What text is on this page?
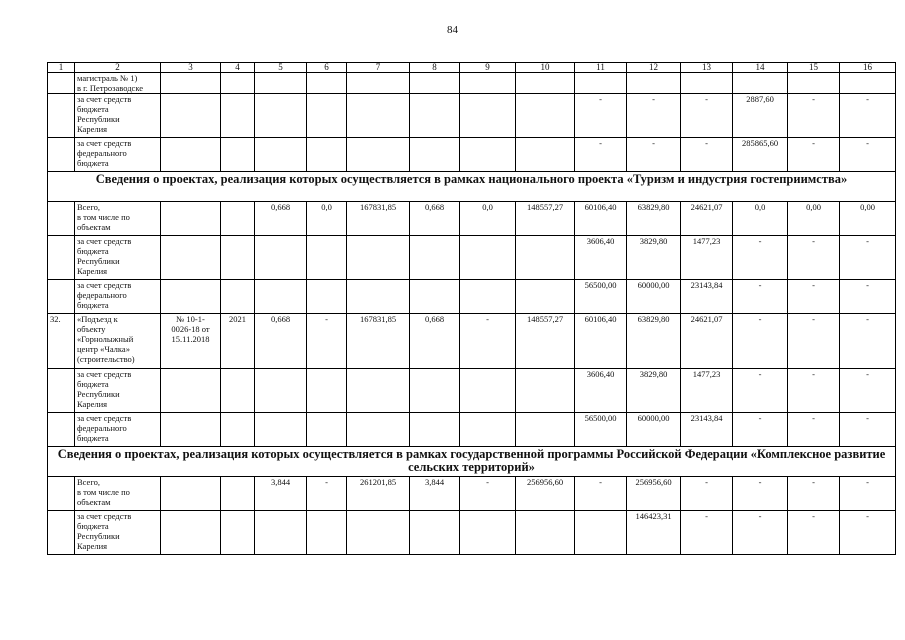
84
1	2	3	4	5	6	7	8	9	10	11	12	13	14	15	16
	магистраль № 1)
в г. Петрозаводске														
	за счет средств
бюджета
Республики
Карелия									-	-	-	2887,60	-	-
	за счет средств
федерального
бюджета									-	-	-	285865,60	-	-
Сведения о проектах, реализация которых осуществляется в рамках национального проекта «Туризм и индустрия гостеприимства»															
	Всего,
в том числе по
объектам			0,668	0,0	167831,85	0,668	0,0	148557,27	60106,40	63829,80	24621,07	0,0	0,00	0,00
	за счет средств
бюджета
Республики
Карелия									3606,40	3829,80	1477,23	-	-	-
	за счет средств
федерального
бюджета									56500,00	60000,00	23143,84	-	-	-
32.	«Подъезд к
объекту
«Горнолыжный
центр «Чалка»
(строительство)	№ 10-1-
0026-18 от
15.11.2018	2021	0,668	-	167831,85	0,668	-	148557,27	60106,40	63829,80	24621,07	-	-	-
	за счет средств
бюджета
Республики
Карелия									3606,40	3829,80	1477,23	-	-	-
	за счет средств
федерального
бюджета									56500,00	60000,00	23143,84	-	-	-
Сведения о проектах, реализация которых осуществляется в рамках государственной программы Российской Федерации «Комплексное развитие сельских территорий»															
	Всего,
в том числе по
объектам			3,844	-	261201,85	3,844	-	256956,60	-	256956,60	-	-	-	-
	за счет средств
бюджета
Республики
Карелия										146423,31	-	-	-	-
